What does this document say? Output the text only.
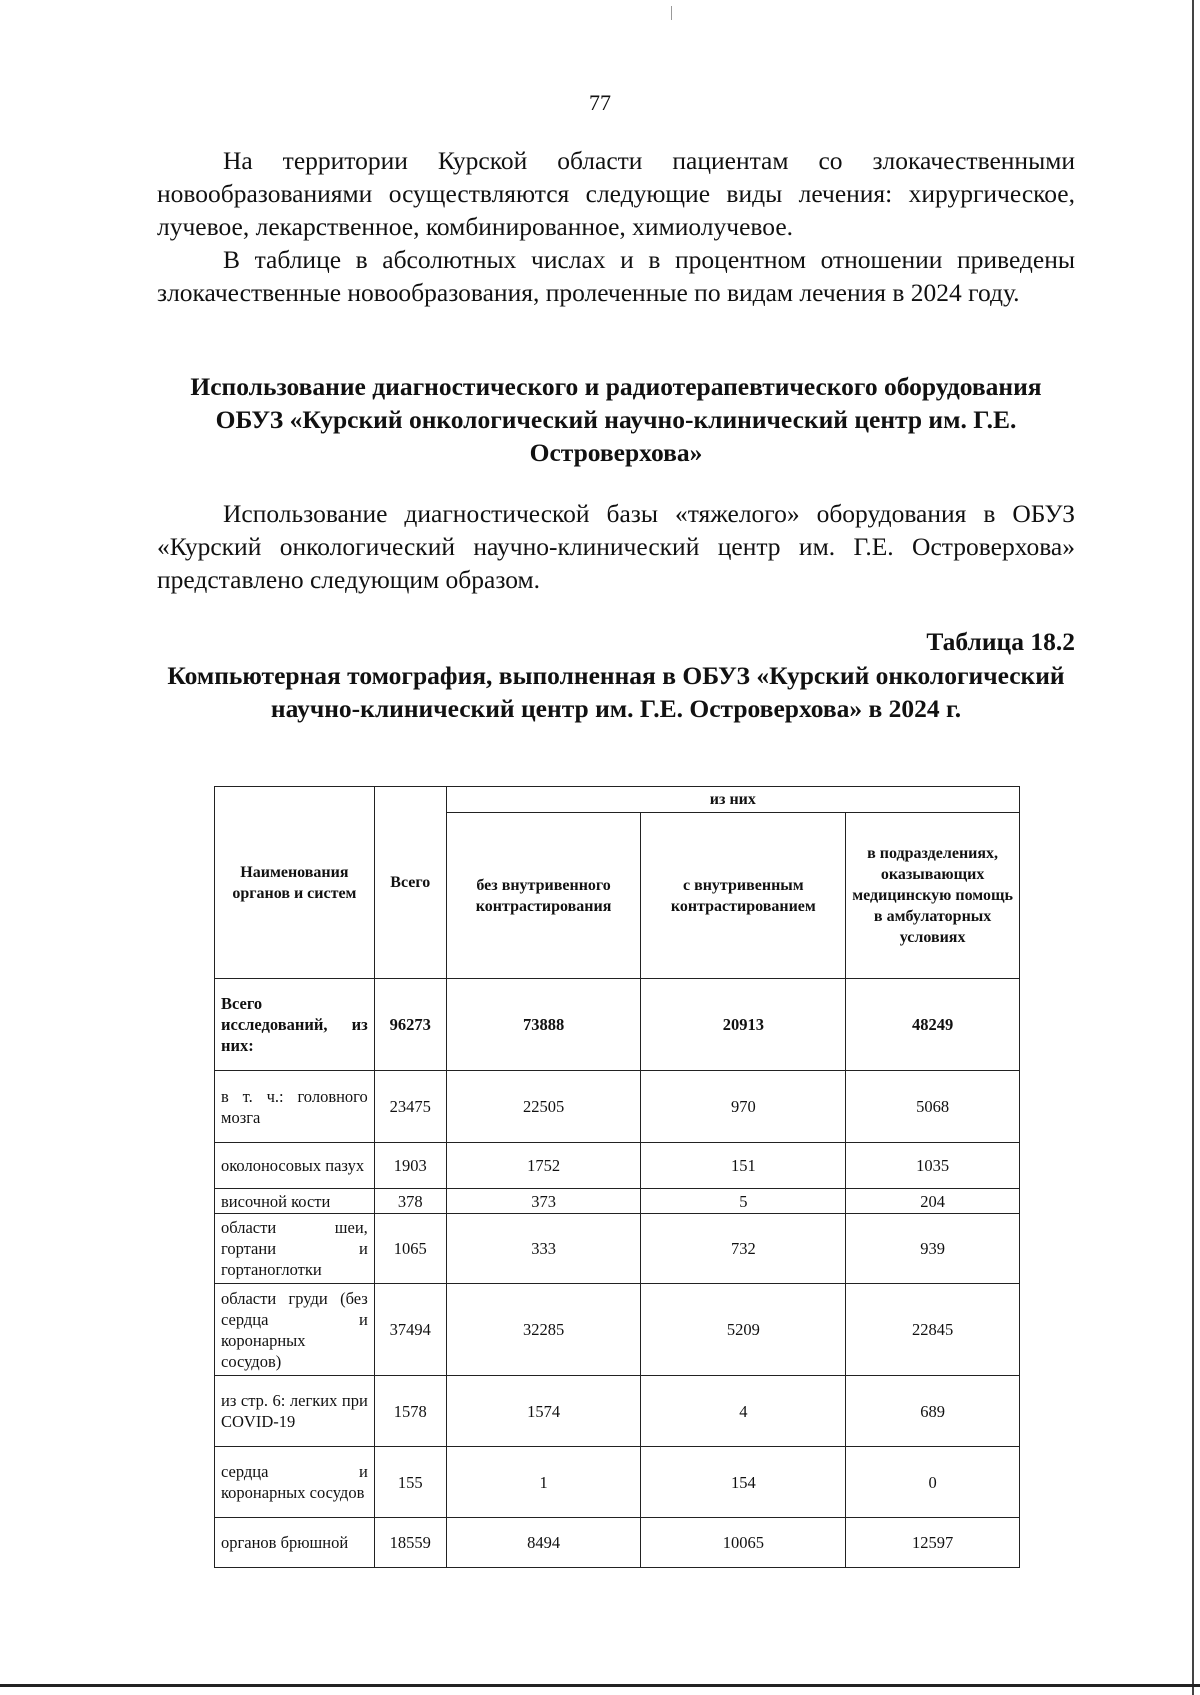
77

На территории Курской области пациентам со злокачественными новообразованиями осуществляются следующие виды лечения: хирургическое, лучевое, лекарственное, комбинированное, химиолучевое.

В таблице в абсолютных числах и в процентном отношении приведены злокачественные новообразования, пролеченные по видам лечения в 2024 году.

Использование диагностического и радиотерапевтического оборудования ОБУЗ «Курский онкологический научно-клинический центр им. Г.Е. Островерхова»

Использование диагностической базы «тяжелого» оборудования в ОБУЗ «Курский онкологический научно-клинический центр им. Г.Е. Островерхова» представлено следующим образом.

Таблица 18.2
Компьютерная томография, выполненная в ОБУЗ «Курский онкологический научно-клинический центр им. Г.Е. Островерхова» в 2024 г.
Наименования органов и систем	Всего	из них		
		без внутривенного контрастирования	с внутривенным контрастированием	в подразделениях, оказывающих медицинскую помощь в амбулаторных условиях
Всего исследований, из них:	96273	73888	20913	48249
в т. ч.: головного мозга	23475	22505	970	5068
околоносовых пазух	1903	1752	151	1035
височной кости	378	373	5	204
области шеи, гортани и гортаноглотки	1065	333	732	939
области груди (без сердца и коронарных сосудов)	37494	32285	5209	22845
из стр. 6: легких при COVID-19	1578	1574	4	689
сердца и коронарных сосудов	155	1	154	0
органов брюшной	18559	8494	10065	12597
